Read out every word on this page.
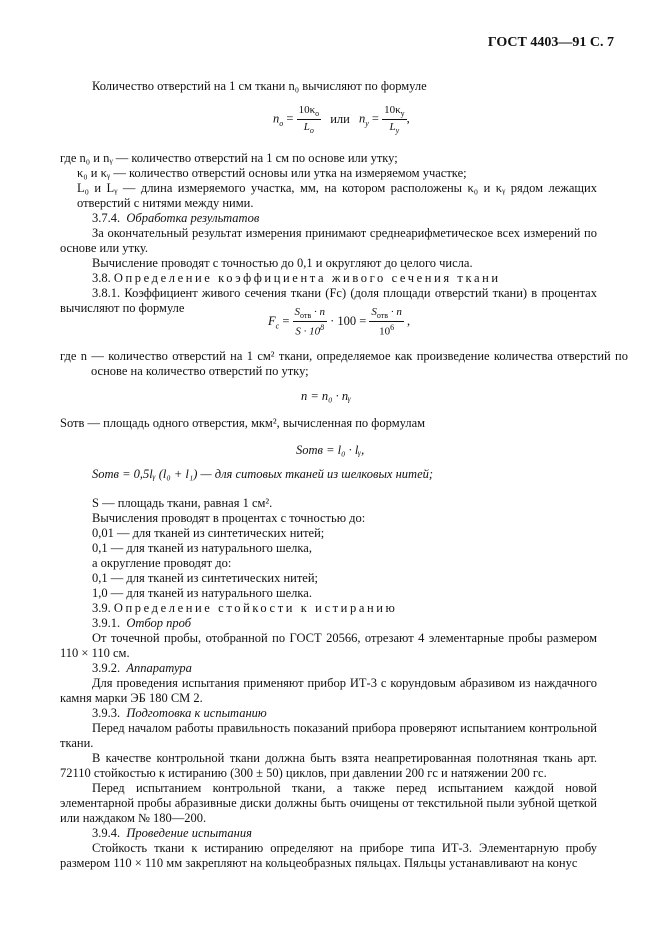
ГОСТ 4403—91 С. 7
Количество отверстий на 1 см ткани n₀ вычисляют по формуле
$n_о = \frac{10\kappa_о}{L_о}$ или $n_у = \frac{10\kappa_у}{L_у}$ ,
где n₀ и nᵧ — количество отверстий на 1 см по основе или утку;
κ₀ и κᵧ — количество отверстий основы или утка на измеряемом участке;
L₀ и Lᵧ — длина измеряемого участка, мм, на котором расположены κ₀ и κᵧ рядом лежащих отверстий с нитями между ними.
3.7.4. Обработка результатов
За окончательный результат измерения принимают среднеарифметическое всех измерений по основе или утку.
Вычисление проводят с точностью до 0,1 и округляют до целого числа.
3.8. Определение коэффициента живого сечения ткани
3.8.1. Коэффициент живого сечения ткани (Fc) (доля площади отверстий ткани) в процентах вычисляют по формуле
$F_с = \frac{S_{отв} \cdot n}{S \cdot 10^8} \cdot 100 = \frac{S_{отв} \cdot n}{10^6}$ ,
где n — количество отверстий на 1 см² ткани, определяемое как произведение количества отверстий по основе на количество отверстий по утку;
n = n₀ · nᵧ
Sотв — площадь одного отверстия, мкм², вычисленная по формулам
Sотв = l₀ · lᵧ,
Sотв = 0,5lᵧ (l₀ + l₁) — для ситовых тканей из шелковых нитей;
S — площадь ткани, равная 1 см².
Вычисления проводят в процентах с точностью до:
0,01 — для тканей из синтетических нитей;
0,1 — для тканей из натурального шелка,
а округление проводят до:
0,1 — для тканей из синтетических нитей;
1,0 — для тканей из натурального шелка.
3.9. Определение стойкости к истиранию
3.9.1. Отбор проб
От точечной пробы, отобранной по ГОСТ 20566, отрезают 4 элементарные пробы размером 110 × 110 см.
3.9.2. Аппаратура
Для проведения испытания применяют прибор ИТ-3 с корундовым абразивом из наждачного камня марки ЭБ 180 СМ 2.
3.9.3. Подготовка к испытанию
Перед началом работы правильность показаний прибора проверяют испытанием контрольной ткани.
В качестве контрольной ткани должна быть взята неапретированная полотняная ткань арт. 72110 стойкостью к истиранию (300 ± 50) циклов, при давлении 200 гс и натяжении 200 гс.
Перед испытанием контрольной ткани, а также перед испытанием каждой новой элементарной пробы абразивные диски должны быть очищены от текстильной пыли зубной щеткой или наждаком № 180—200.
3.9.4. Проведение испытания
Стойкость ткани к истиранию определяют на приборе типа ИТ-3. Элементарную пробу размером 110 × 110 мм закрепляют на кольцеобразных пяльцах. Пяльцы устанавливают на конус
